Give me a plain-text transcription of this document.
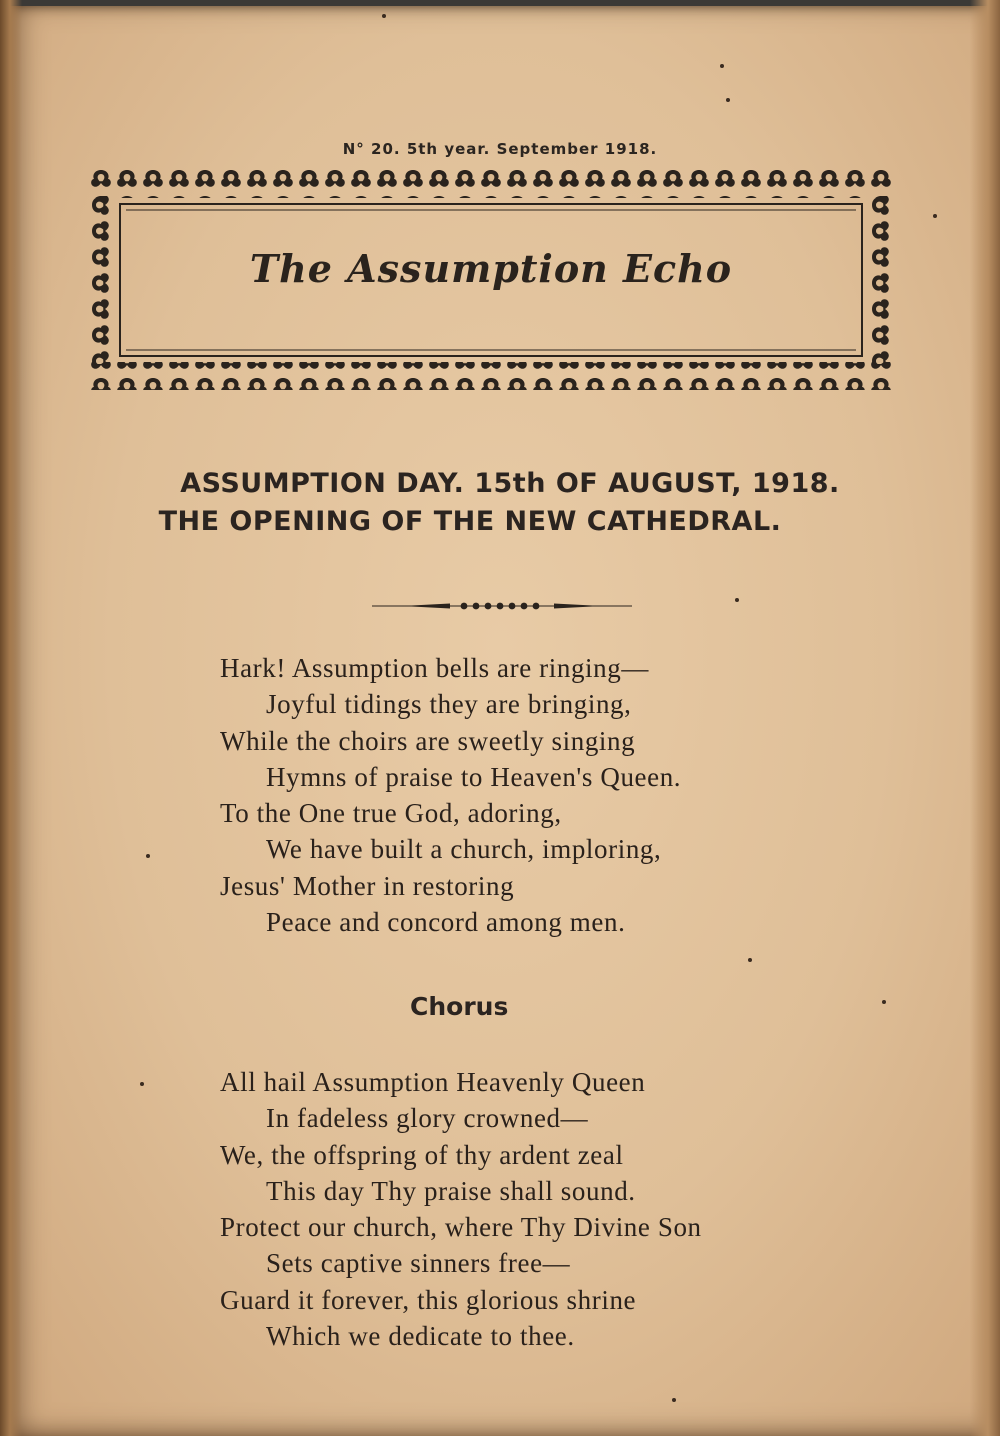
N° 20. 5th year. September 1918.
The Assumption Echo
ASSUMPTION DAY. 15th OF AUGUST, 1918.
THE OPENING OF THE NEW CATHEDRAL.
Hark! Assumption bells are ringing—
Joyful tidings they are bringing,
While the choirs are sweetly singing
Hymns of praise to Heaven's Queen.
To the One true God, adoring,
We have built a church, imploring,
Jesus' Mother in restoring
Peace and concord among men.
Chorus
All hail Assumption Heavenly Queen
In fadeless glory crowned—
We, the offspring of thy ardent zeal
This day Thy praise shall sound.
Protect our church, where Thy Divine Son
Sets captive sinners free—
Guard it forever, this glorious shrine
Which we dedicate to thee.
